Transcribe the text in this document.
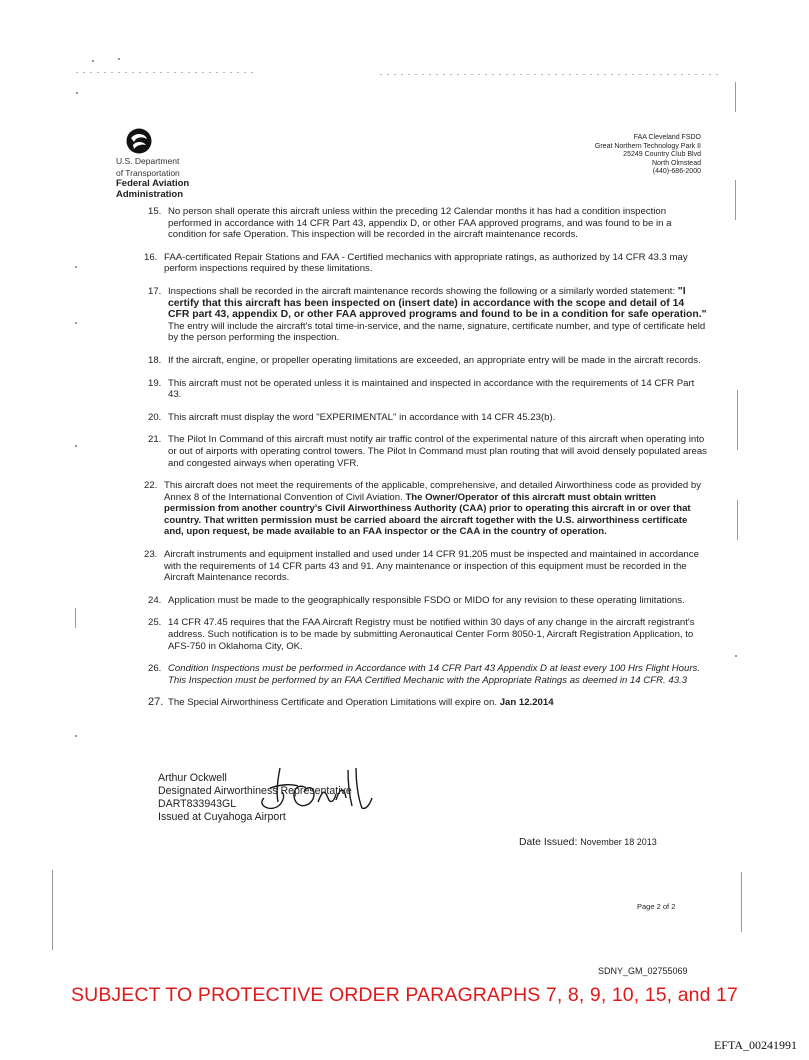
U.S. Department
of Transportation
Federal Aviation
Administration
FAA Cleveland FSDO
Great Northern Technology Park II
25249 Country Club Blvd
North Olmstead
(440)-686-2000
15. No person shall operate this aircraft unless within the preceding 12 Calendar months it has had a condition inspection performed in accordance with 14 CFR Part 43, appendix D, or other FAA approved programs, and was found to be in a condition for safe Operation. This inspection will be recorded in the aircraft maintenance records.
16. FAA-certificated Repair Stations and FAA - Certified mechanics with appropriate ratings, as authorized by 14 CFR 43.3 may perform inspections required by these limitations.
17. Inspections shall be recorded in the aircraft maintenance records showing the following or a similarly worded statement: "I certify that this aircraft has been inspected on (insert date) in accordance with the scope and detail of 14 CFR part 43, appendix D, or other FAA approved programs and found to be in a condition for safe operation." The entry will include the aircraft's total time-in-service, and the name, signature, certificate number, and type of certificate held by the person performing the inspection.
18. If the aircraft, engine, or propeller operating limitations are exceeded, an appropriate entry will be made in the aircraft records.
19. This aircraft must not be operated unless it is maintained and inspected in accordance with the requirements of 14 CFR Part 43.
20. This aircraft must display the word "EXPERIMENTAL" in accordance with 14 CFR 45.23(b).
21. The Pilot In Command of this aircraft must notify air traffic control of the experimental nature of this aircraft when operating into or out of airports with operating control towers. The Pilot In Command must plan routing that will avoid densely populated areas and congested airways when operating VFR.
22. This aircraft does not meet the requirements of the applicable, comprehensive, and detailed Airworthiness code as provided by Annex 8 of the International Convention of Civil Aviation. The Owner/Operator of this aircraft must obtain written permission from another country's Civil Airworthiness Authority (CAA) prior to operating this aircraft in or over that country. That written permission must be carried aboard the aircraft together with the U.S. airworthiness certificate and, upon request, be made available to an FAA inspector or the CAA in the country of operation.
23. Aircraft instruments and equipment installed and used under 14 CFR 91.205 must be inspected and maintained in accordance with the requirements of 14 CFR parts 43 and 91. Any maintenance or inspection of this equipment must be recorded in the Aircraft Maintenance records.
24. Application must be made to the geographically responsible FSDO or MIDO for any revision to these operating limitations.
25. 14 CFR 47.45 requires that the FAA Aircraft Registry must be notified within 30 days of any change in the aircraft registrant's address. Such notification is to be made by submitting Aeronautical Center Form 8050-1, Aircraft Registration Application, to AFS-750 in Oklahoma City, OK.
26. Condition Inspections must be performed in Accordance with 14 CFR Part 43 Appendix D at least every 100 Hrs Flight Hours. This Inspection must be performed by an FAA Certified Mechanic with the Appropriate Ratings as deemed in 14 CFR. 43.3
27. The Special Airworthiness Certificate and Operation Limitations will expire on. Jan 12.2014
Arthur Ockwell
Designated Airworthiness Representative
DART833943GL
Issued at Cuyahoga Airport
Date Issued: November 18 2013
Page 2 of 2
SDNY_GM_02755069
SUBJECT TO PROTECTIVE ORDER PARAGRAPHS 7, 8, 9, 10, 15, and 17
EFTA_00241991
